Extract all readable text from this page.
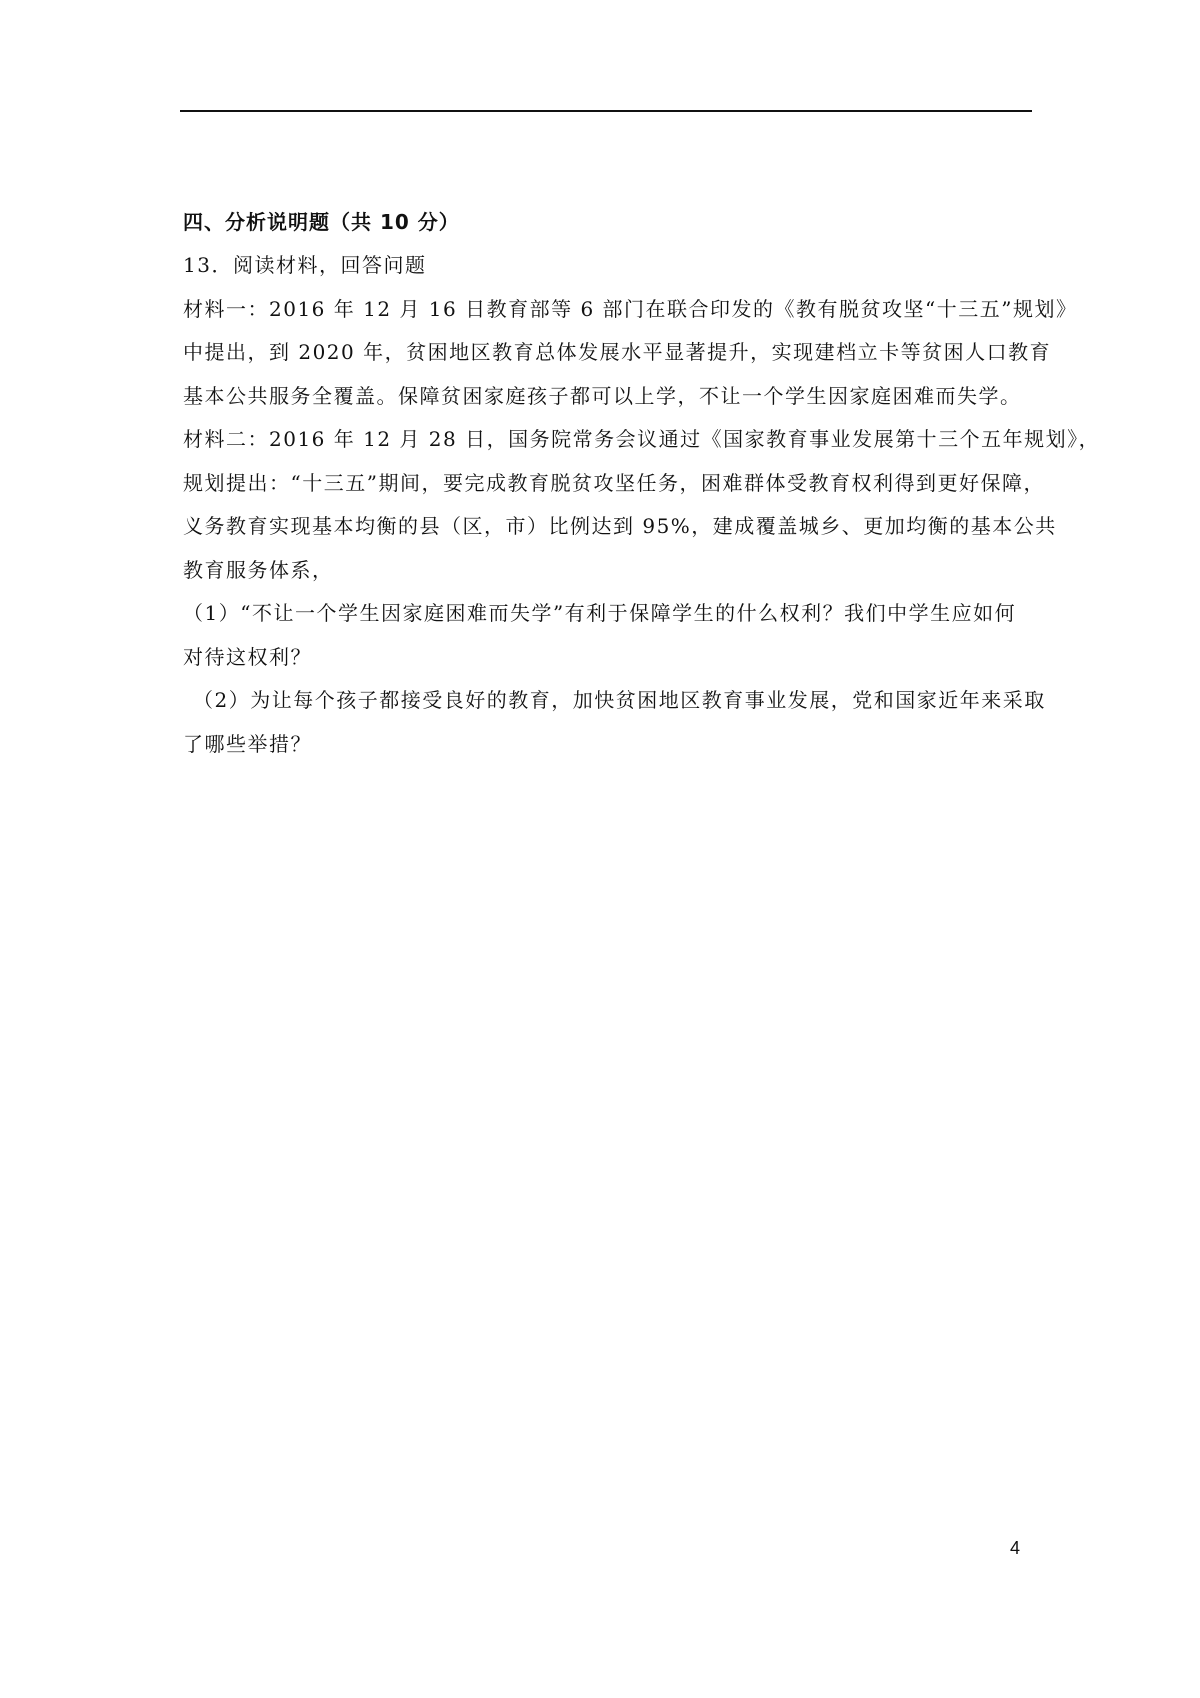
四、分析说明题（共 10 分）
13．阅读材料，回答问题
材料一：2016 年 12 月 16 日教育部等 6 部门在联合印发的《教有脱贫攻坚“十三五”规划》
中提出，到 2020 年，贫困地区教育总体发展水平显著提升，实现建档立卡等贫困人口教育
基本公共服务全覆盖。保障贫困家庭孩子都可以上学，不让一个学生因家庭困难而失学。
材料二：2016 年 12 月 28 日，国务院常务会议通过《国家教育事业发展第十三个五年规划》，
规划提出：“十三五”期间，要完成教育脱贫攻坚任务，困难群体受教育权利得到更好保障，
义务教育实现基本均衡的县（区，市）比例达到 95%，建成覆盖城乡、更加均衡的基本公共
教育服务体系，
（1）“不让一个学生因家庭困难而失学”有利于保障学生的什么权利？我们中学生应如何
对待这权利？
（2）为让每个孩子都接受良好的教育，加快贫困地区教育事业发展，党和国家近年来采取
了哪些举措？
4
